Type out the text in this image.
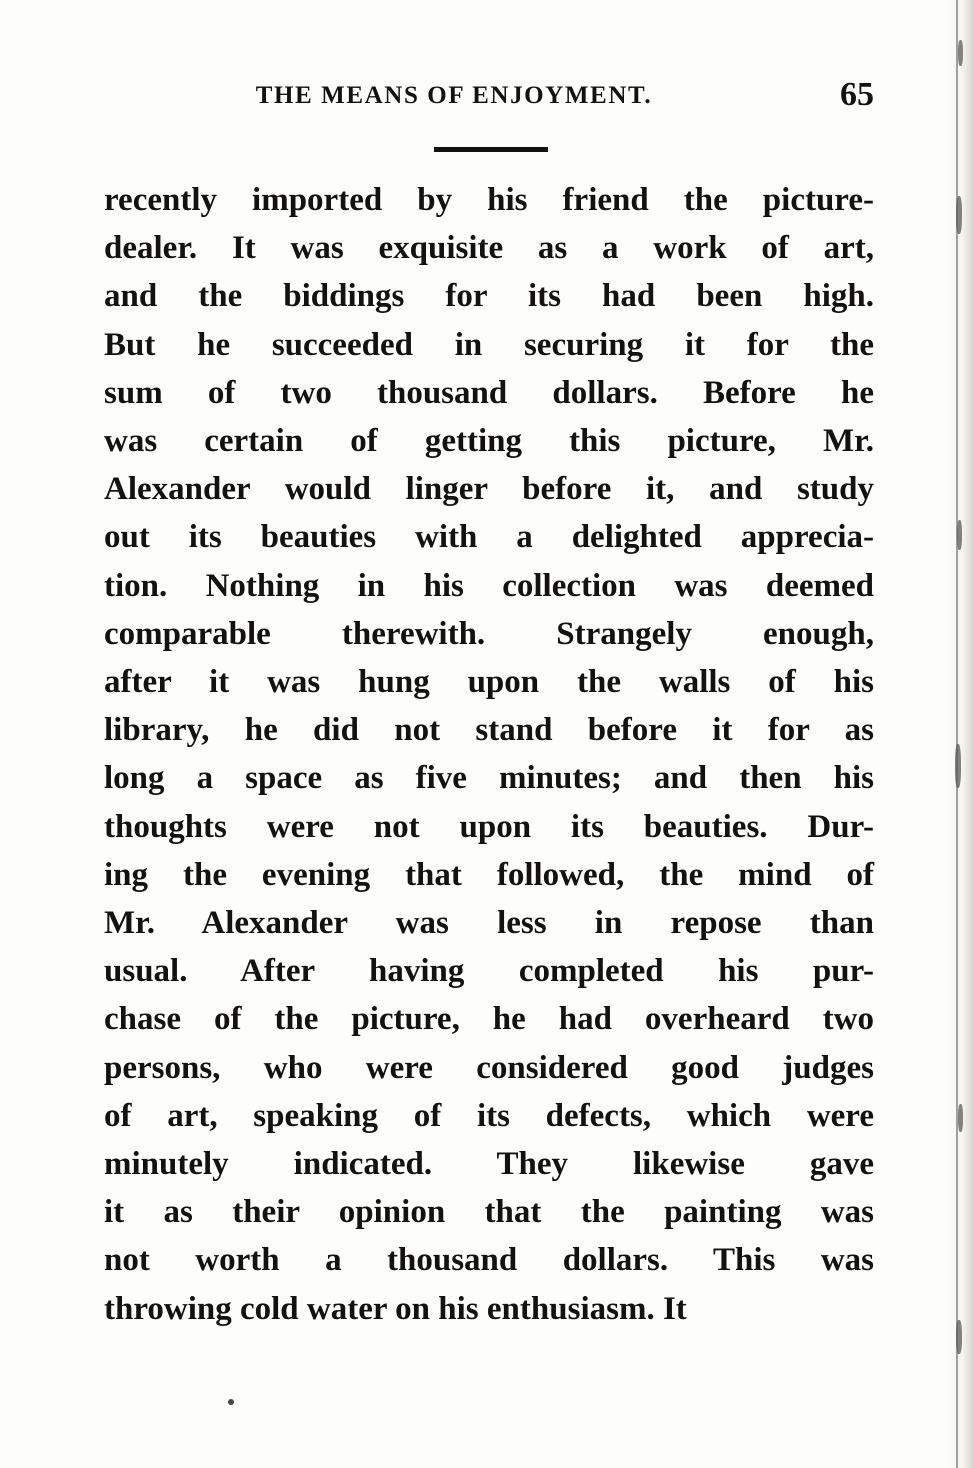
THE MEANS OF ENJOYMENT.	65
recently imported by his friend the picture-
dealer. It was exquisite as a work of art,
and the biddings for its had been high.
But he succeeded in securing it for the
sum of two thousand dollars. Before he
was certain of getting this picture, Mr.
Alexander would linger before it, and study
out its beauties with a delighted apprecia-
tion. Nothing in his collection was deemed
comparable therewith. Strangely enough,
after it was hung upon the walls of his
library, he did not stand before it for as
long a space as five minutes; and then his
thoughts were not upon its beauties. Dur-
ing the evening that followed, the mind of
Mr. Alexander was less in repose than
usual. After having completed his pur-
chase of the picture, he had overheard two
persons, who were considered good judges
of art, speaking of its defects, which were
minutely indicated. They likewise gave
it as their opinion that the painting was
not worth a thousand dollars. This was
throwing cold water on his enthusiasm. It
